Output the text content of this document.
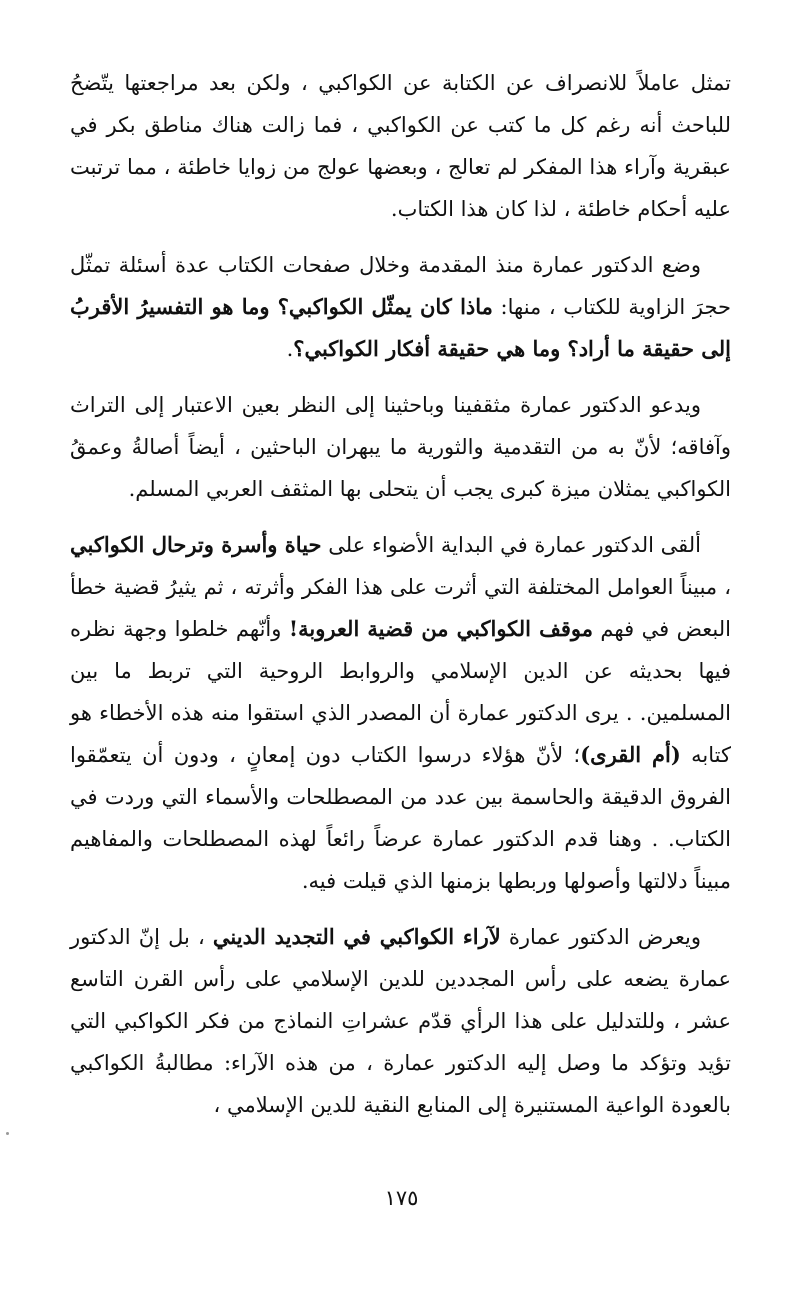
تمثل عاملاً للانصراف عن الكتابة عن الكواكبي ، ولكن بعد مراجعتها يتّضحُ للباحث أنه رغم كل ما كتب عن الكواكبي ، فما زالت هناك مناطق بكر في عبقرية وآراء هذا المفكر لم تعالج ، وبعضها عولج من زوايا خاطئة ، مما ترتبت عليه أحكام خاطئة ، لذا كان هذا الكتاب.

وضع الدكتور عمارة منذ المقدمة وخلال صفحات الكتاب عدة أسئلة تمثّل حجرَ الزاوية للكتاب ، منها: ماذا كان يمثّل الكواكبي؟ وما هو التفسيرُ الأقربُ إلى حقيقة ما أراد؟ وما هي حقيقة أفكار الكواكبي؟.

ويدعو الدكتور عمارة مثقفينا وباحثينا إلى النظر بعين الاعتبار إلى التراث وآفاقه؛ لأنّ به من التقدمية والثورية ما يبهران الباحثين ، أيضاً أصالةُ وعمقُ الكواكبي يمثلان ميزة كبرى يجب أن يتحلى بها المثقف العربي المسلم.

ألقى الدكتور عمارة في البداية الأضواء على حياة وأسرة وترحال الكواكبي ، مبيناً العوامل المختلفة التي أثرت على هذا الفكر وأثرته ، ثم يثيرُ قضية خطأ البعض في فهم موقف الكواكبي من قضية العروبة! وأنّهم خلطوا وجهة نظره فيها بحديثه عن الدين الإسلامي والروابط الروحية التي تربط ما بين المسلمين. . يرى الدكتور عمارة أن المصدر الذي استقوا منه هذه الأخطاء هو كتابه (أم القرى)؛ لأنّ هؤلاء درسوا الكتاب دون إمعانٍ ، ودون أن يتعمّقوا الفروق الدقيقة والحاسمة بين عدد من المصطلحات والأسماء التي وردت في الكتاب. . وهنا قدم الدكتور عمارة عرضاً رائعاً لهذه المصطلحات والمفاهيم مبيناً دلالتها وأصولها وربطها بزمنها الذي قيلت فيه.

ويعرض الدكتور عمارة لآراء الكواكبي في التجديد الديني ، بل إنّ الدكتور عمارة يضعه على رأس المجددين للدين الإسلامي على رأس القرن التاسع عشر ، وللتدليل على هذا الرأي قدّم عشراتِ النماذج من فكر الكواكبي التي تؤيد وتؤكد ما وصل إليه الدكتور عمارة ، من هذه الآراء: مطالبةُ الكواكبي بالعودة الواعية المستنيرة إلى المنابع النقية للدين الإسلامي ،

١٧٥
